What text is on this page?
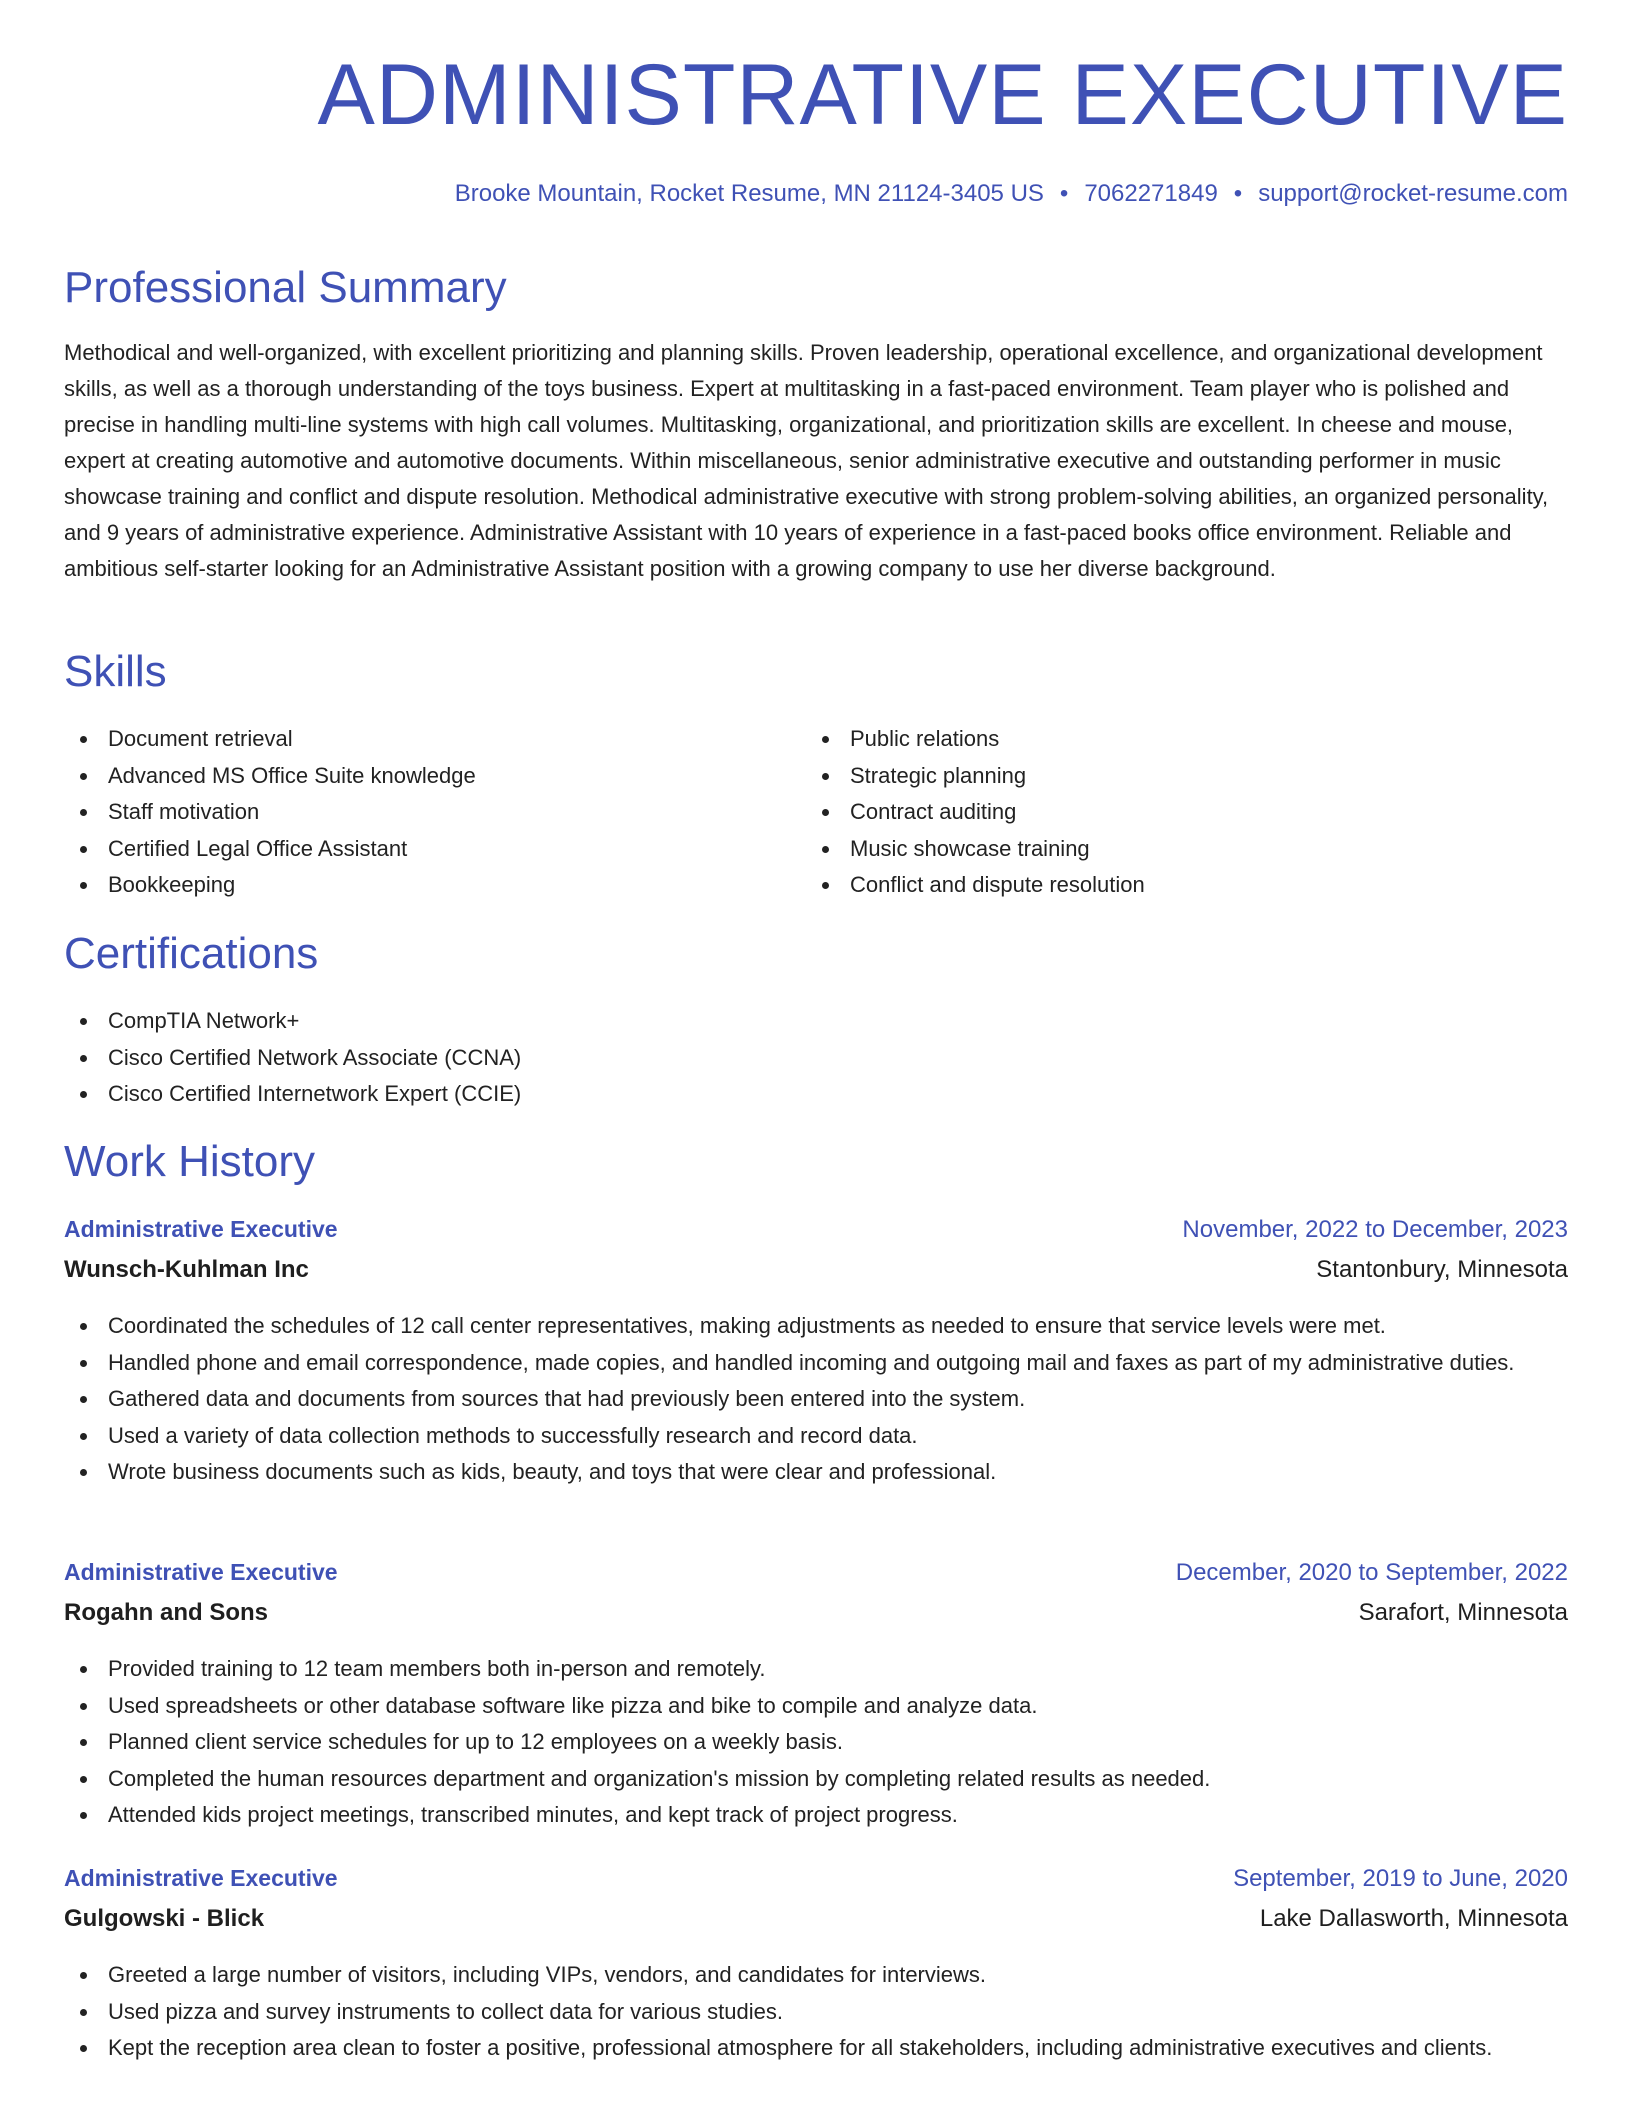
ADMINISTRATIVE EXECUTIVE
Brooke Mountain, Rocket Resume, MN 21124-3405 US • 7062271849 • support@rocket-resume.com
Professional Summary

Methodical and well-organized, with excellent prioritizing and planning skills. Proven leadership, operational excellence, and organizational development skills, as well as a thorough understanding of the toys business. Expert at multitasking in a fast-paced environment. Team player who is polished and precise in handling multi-line systems with high call volumes. Multitasking, organizational, and prioritization skills are excellent. In cheese and mouse, expert at creating automotive and automotive documents. Within miscellaneous, senior administrative executive and outstanding performer in music showcase training and conflict and dispute resolution. Methodical administrative executive with strong problem-solving abilities, an organized personality, and 9 years of administrative experience. Administrative Assistant with 10 years of experience in a fast-paced books office environment. Reliable and ambitious self-starter looking for an Administrative Assistant position with a growing company to use her diverse background.

Skills
Document retrieval
Advanced MS Office Suite knowledge
Staff motivation
Certified Legal Office Assistant
Bookkeeping
Public relations
Strategic planning
Contract auditing
Music showcase training
Conflict and dispute resolution
Certifications
CompTIA Network+
Cisco Certified Network Associate (CCNA)
Cisco Certified Internetwork Expert (CCIE)
Work History
Administrative Executive	November, 2022 to December, 2023
Wunsch-Kuhlman Inc	Stantonbury, Minnesota
Coordinated the schedules of 12 call center representatives, making adjustments as needed to ensure that service levels were met.
Handled phone and email correspondence, made copies, and handled incoming and outgoing mail and faxes as part of my administrative duties.
Gathered data and documents from sources that had previously been entered into the system.
Used a variety of data collection methods to successfully research and record data.
Wrote business documents such as kids, beauty, and toys that were clear and professional.
Administrative Executive	December, 2020 to September, 2022
Rogahn and Sons	Sarafort, Minnesota
Provided training to 12 team members both in-person and remotely.
Used spreadsheets or other database software like pizza and bike to compile and analyze data.
Planned client service schedules for up to 12 employees on a weekly basis.
Completed the human resources department and organization's mission by completing related results as needed.
Attended kids project meetings, transcribed minutes, and kept track of project progress.
Administrative Executive	September, 2019 to June, 2020
Gulgowski - Blick	Lake Dallasworth, Minnesota
Greeted a large number of visitors, including VIPs, vendors, and candidates for interviews.
Used pizza and survey instruments to collect data for various studies.
Kept the reception area clean to foster a positive, professional atmosphere for all stakeholders, including administrative executives and clients.
